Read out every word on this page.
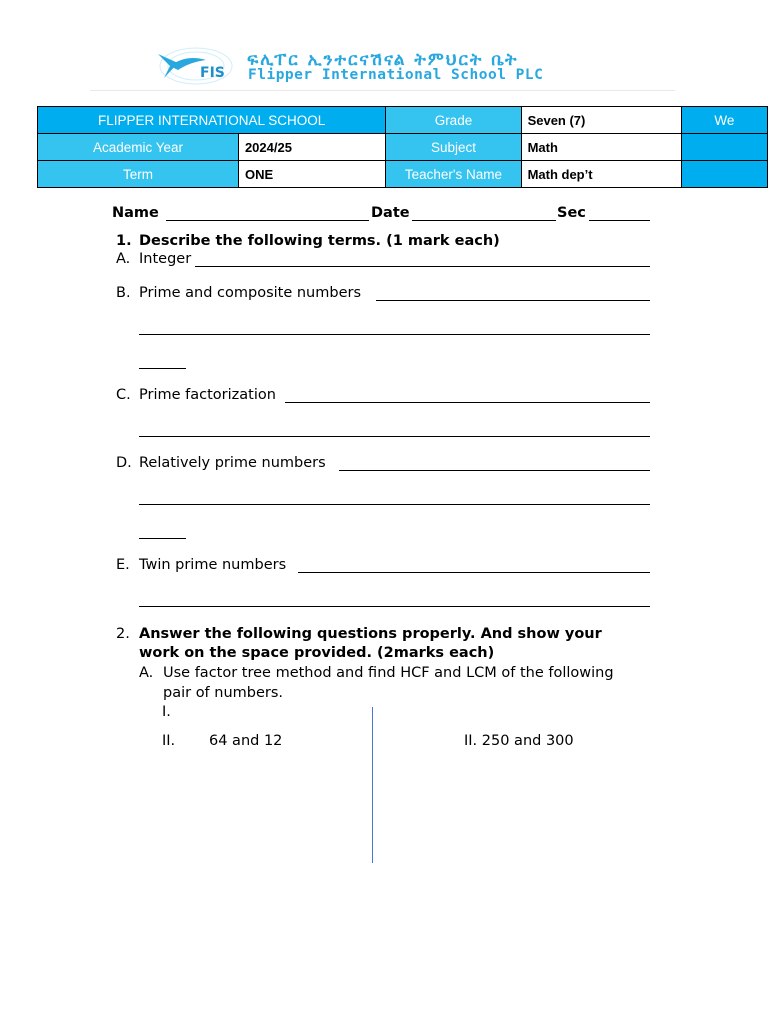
FIS
ፍሊፐር ኢንተርናሽናል ትምህርት ቤት
Flipper International School PLC
FLIPPER INTERNATIONAL SCHOOL		Grade	Seven (7)	We
Academic Year	2024/25	Subject	Math	
Term	ONE	Teacher's Name	Math dep’t	
Name	Date	Sec
1. Describe the following terms. (1 mark each)
A. Integer
B. Prime and composite numbers
C. Prime factorization
D. Relatively prime numbers
E. Twin prime numbers
2. Answer the following questions properly. And show your
work on the space provided. (2marks each)
A. Use factor tree method and find HCF and LCM of the following
pair of numbers.
I.
II. 64 and 12	II. 250 and 300
